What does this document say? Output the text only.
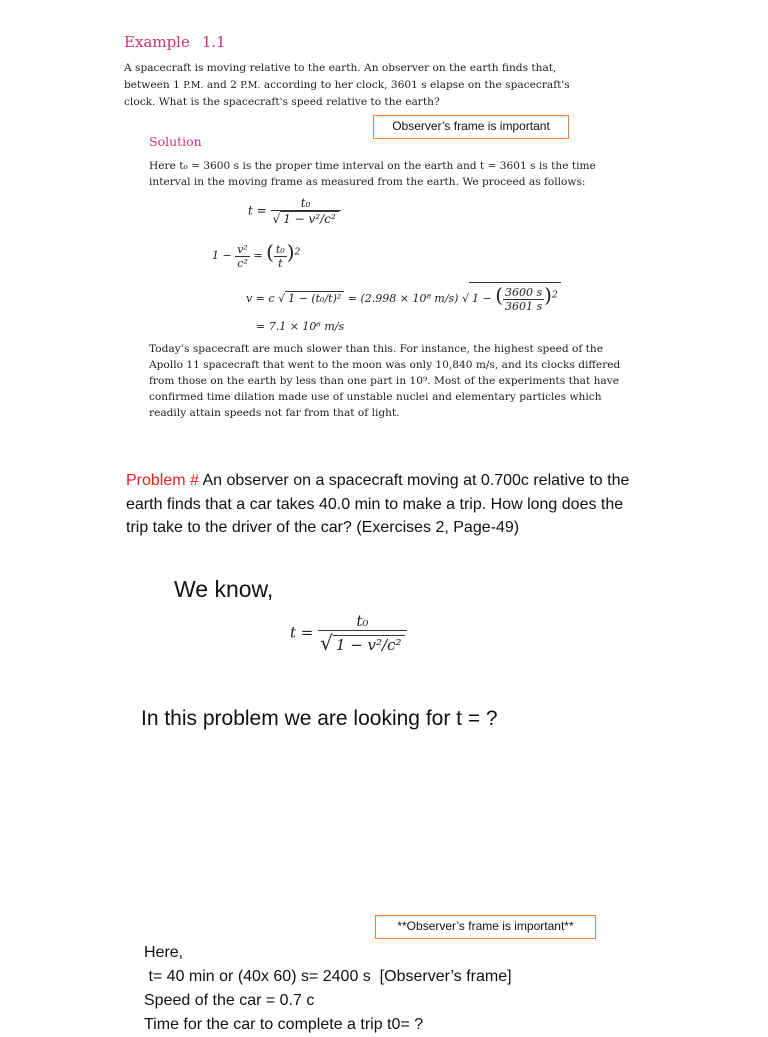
Example 1.1
A spacecraft is moving relative to the earth. An observer on the earth finds that, between 1 P.M. and 2 P.M. according to her clock, 3601 s elapse on the spacecraft's clock. What is the spacecraft's speed relative to the earth?
Observer’s frame is important
Solution
Here t₀ = 3600 s is the proper time interval on the earth and t = 3601 s is the time interval in the moving frame as measured from the earth. We proceed as follows:
$t = \frac{\text{t₀}}{\text{√ 1 − v²/c²}}$
$1 - \frac{\text{v²}}{\text{c²}}$ = ( $\frac{\text{t₀}}{t} )^2$
v = c √ 1 − (t₀/t)² = (2.998 × 10⁸ m/s) √ 1 − ( $\frac{3600 s}{3601 s} )^2$
= 7.1 × 10⁶ m/s
Today’s spacecraft are much slower than this. For instance, the highest speed of the Apollo 11 spacecraft that went to the moon was only 10,840 m/s, and its clocks differed from those on the earth by less than one part in 10⁹. Most of the experiments that have confirmed time dilation made use of unstable nuclei and elementary particles which readily attain speeds not far from that of light.
Problem # An observer on a spacecraft moving at 0.700c relative to the earth finds that a car takes 40.0 min to make a trip. How long does the trip take to the driver of the car? (Exercises 2, Page-49)
We know,
$t = \frac{\text{t₀}}{\text{√ 1 − v²/c²}}$
In this problem we are looking for t = ?
**Observer’s frame is important**
Here,
t= 40 min or (40x 60) s= 2400 s  [Observer’s frame]
Speed of the car = 0.7 c
Time for the car to complete a trip t0= ?
